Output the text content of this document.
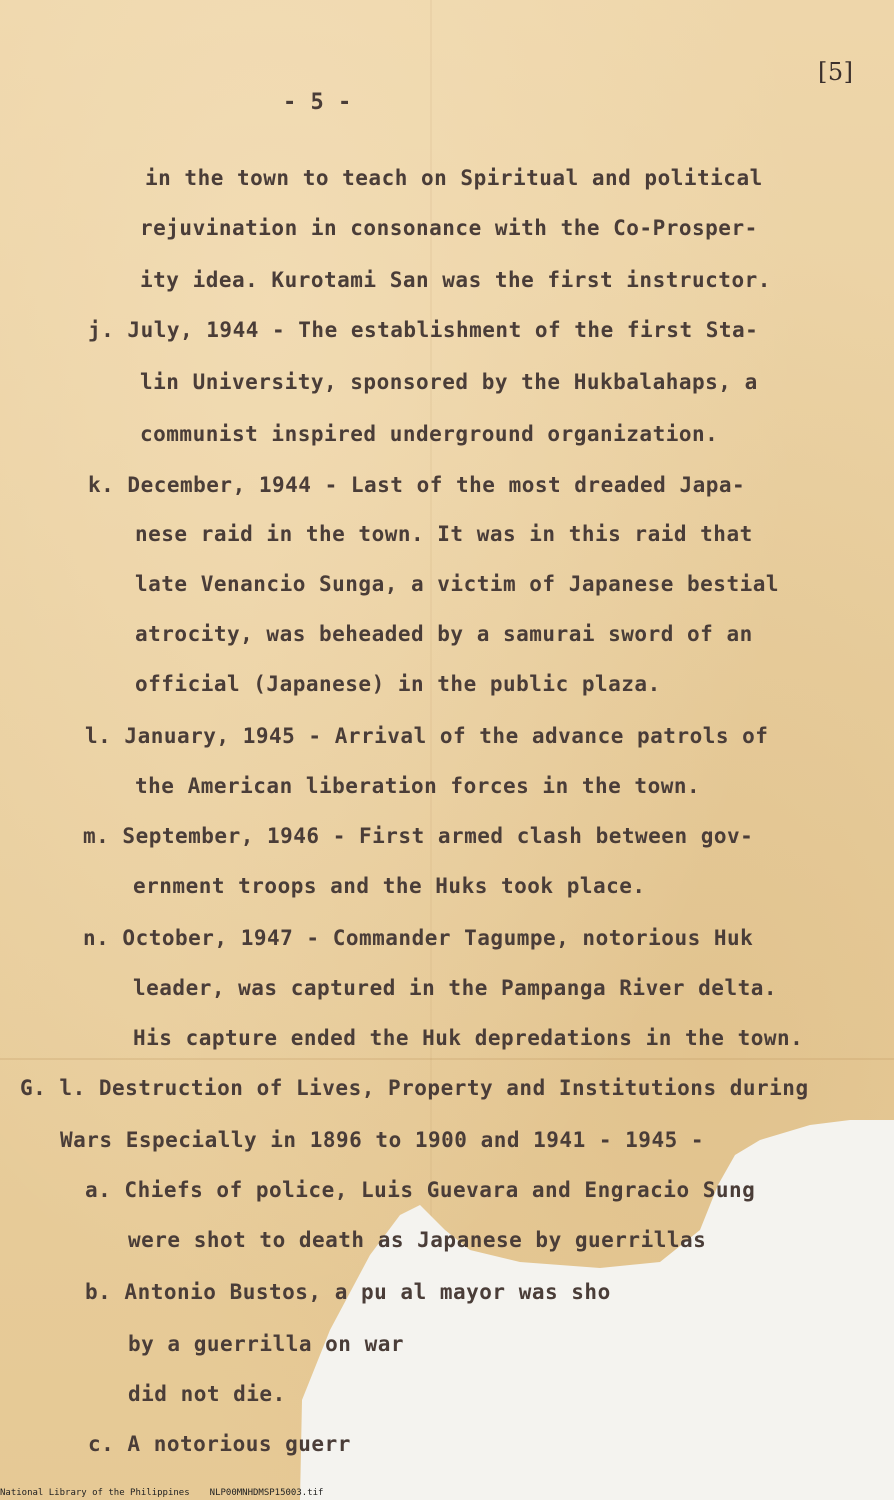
- 5 -
[5]
in the town to teach on Spiritual and political
rejuvination in consonance with the Co-Prosper-
ity idea. Kurotami San was the first instructor.
j. July, 1944 - The establishment of the first Sta-
lin University, sponsored by the Hukbalahaps, a
communist inspired underground organization.
k. December, 1944 - Last of the most dreaded Japa-
nese raid in the town. It was in this raid that
late Venancio Sunga, a victim of Japanese bestial
atrocity, was beheaded by a samurai sword of an
official (Japanese) in the public plaza.
l. January, 1945 - Arrival of the advance patrols of
the American liberation forces in the town.
m. September, 1946 - First armed clash between gov-
ernment troops and the Huks took place.
n. October, 1947 - Commander Tagumpe, notorious Huk
leader, was captured in the Pampanga River delta.
His capture ended the Huk depredations in the town.
G. l. Destruction of Lives, Property and Institutions during
Wars Especially in 1896 to 1900 and 1941 - 1945 -
a. Chiefs of police, Luis Guevara and Engracio Sung
were shot to death as Japanese by guerrillas
b. Antonio Bustos, a pu al mayor was sho
by a guerrilla on war
did not die.
c. A notorious guerr
National Library of the Philippines NLP00MNHDMSP15003.tif
